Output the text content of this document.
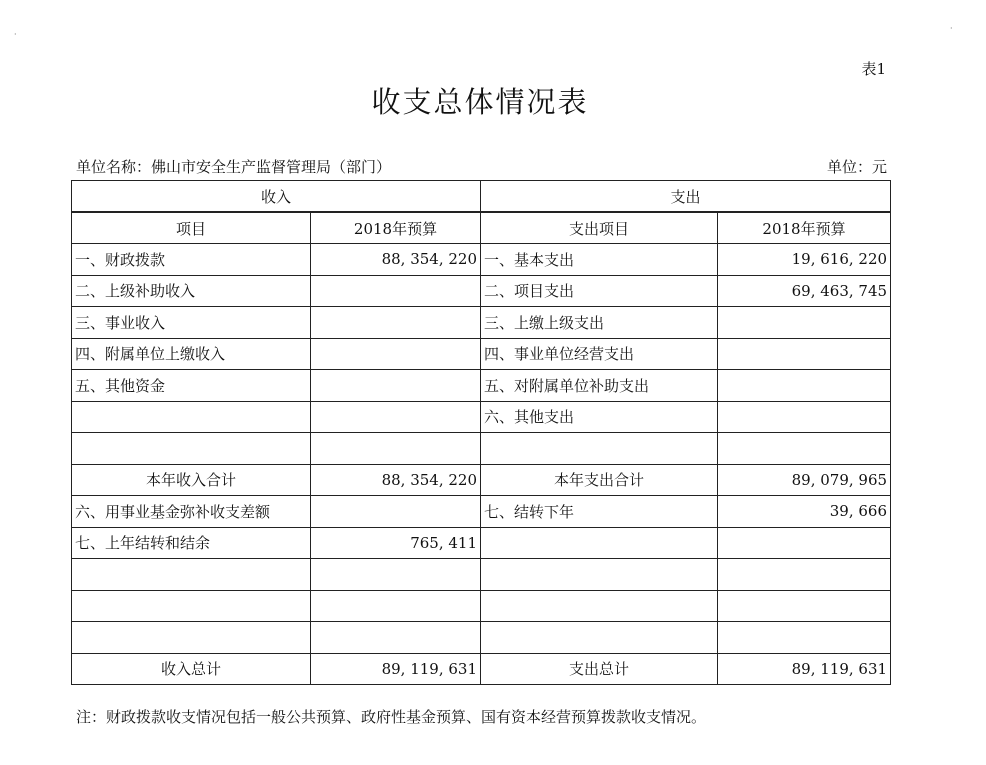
·
·
表1
收支总体情况表
单位名称：佛山市安全生产监督管理局（部门）	单位：元
收入		支出	
项目	2018年预算	支出项目	2018年预算
一、财政拨款	88, 354, 220	一、基本支出	19, 616, 220
二、上级补助收入		二、项目支出	69, 463, 745
三、事业收入		三、上缴上级支出	
四、附属单位上缴收入		四、事业单位经营支出	
五、其他资金		五、对附属单位补助支出	
		六、其他支出	

本年收入合计	88, 354, 220	本年支出合计	89, 079, 965
六、用事业基金弥补收支差额		七、结转下年	39, 666
七、上年结转和结余	765, 411		

收入总计	89, 119, 631	支出总计	89, 119, 631
注：财政拨款收支情况包括一般公共预算、政府性基金预算、国有资本经营预算拨款收支情况。
